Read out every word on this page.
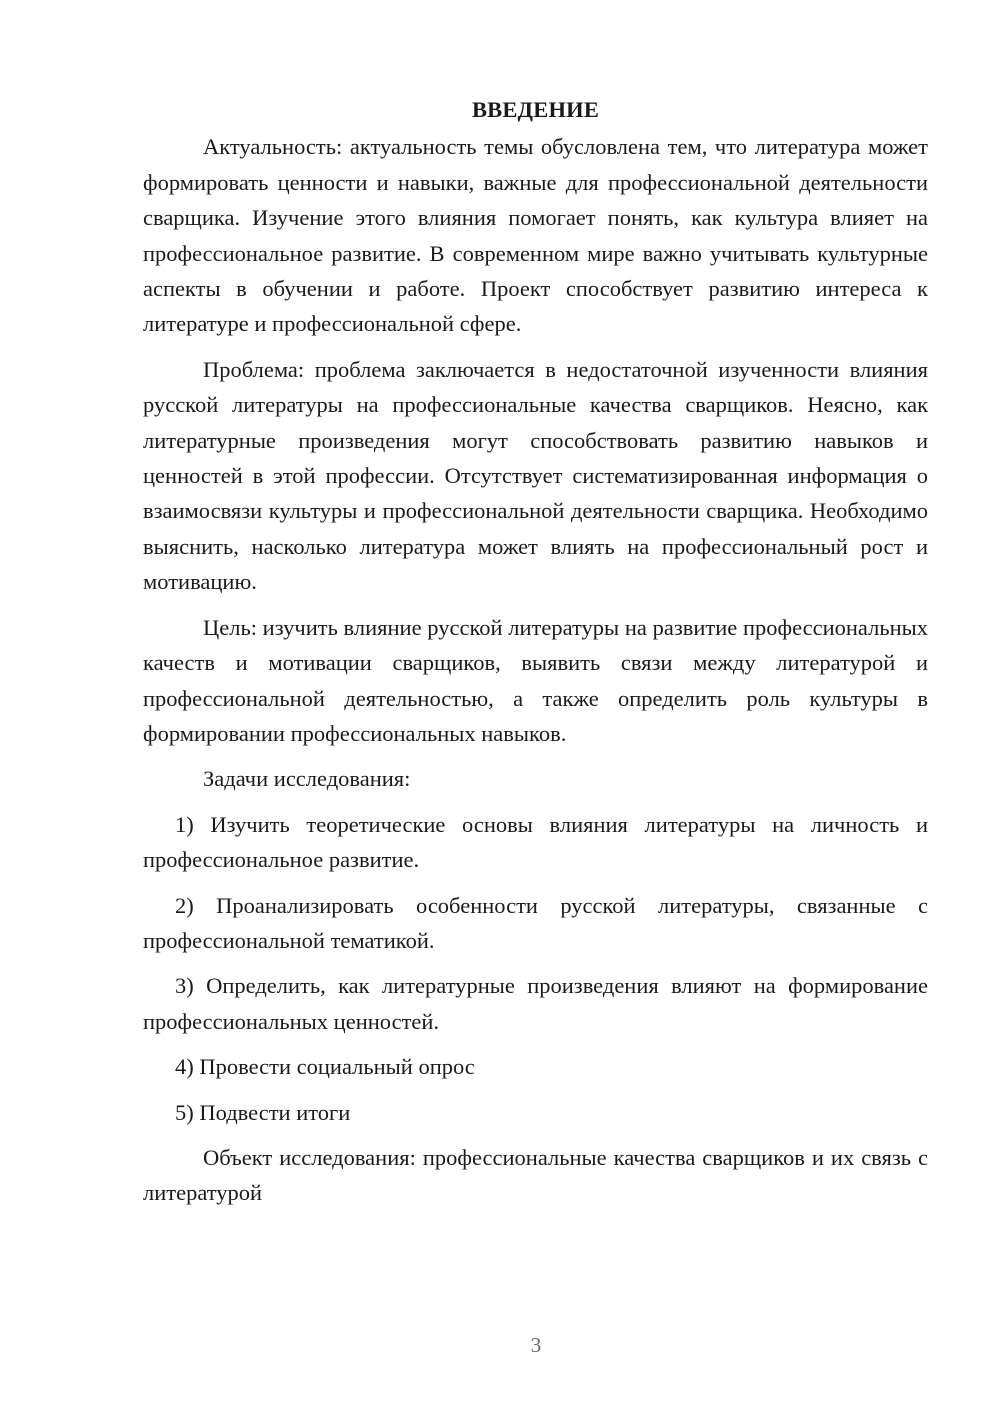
ВВЕДЕНИЕ
Актуальность: актуальность темы обусловлена тем, что литература может формировать ценности и навыки, важные для профессиональной деятельности сварщика. Изучение этого влияния помогает понять, как культура влияет на профессиональное развитие. В современном мире важно учитывать культурные аспекты в обучении и работе. Проект способствует развитию интереса к литературе и профессиональной сфере.
Проблема: проблема заключается в недостаточной изученности влияния русской литературы на профессиональные качества сварщиков. Неясно, как литературные произведения могут способствовать развитию навыков и ценностей в этой профессии. Отсутствует систематизированная информация о взаимосвязи культуры и профессиональной деятельности сварщика. Необходимо выяснить, насколько литература может влиять на профессиональный рост и мотивацию.
Цель: изучить влияние русской литературы на развитие профессиональных качеств и мотивации сварщиков, выявить связи между литературой и профессиональной деятельностью, а также определить роль культуры в формировании профессиональных навыков.
Задачи исследования:
1) Изучить теоретические основы влияния литературы на личность и профессиональное развитие.
2) Проанализировать особенности русской литературы, связанные с профессиональной тематикой.
3) Определить, как литературные произведения влияют на формирование профессиональных ценностей.
4) Провести социальный опрос
5) Подвести итоги
Объект исследования: профессиональные качества сварщиков и их связь с литературой
3
